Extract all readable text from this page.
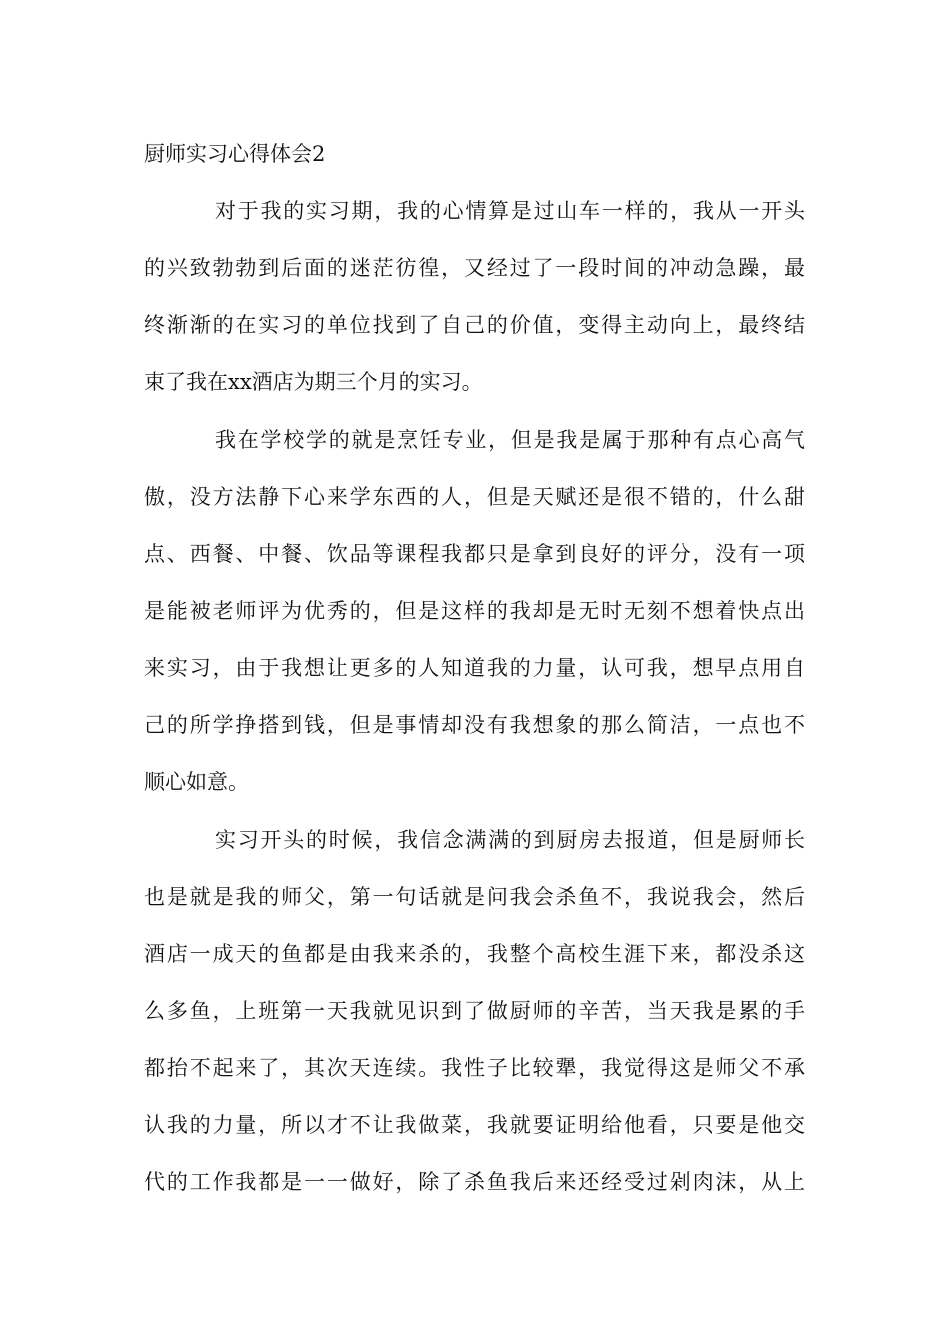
厨师实习心得体会2

对于我的实习期，我的心情算是过山车一样的，我从一开头

的兴致勃勃到后面的迷茫彷徨，又经过了一段时间的冲动急躁，最

终渐渐的在实习的单位找到了自己的价值，变得主动向上，最终结

束了我在xx酒店为期三个月的实习。

我在学校学的就是烹饪专业，但是我是属于那种有点心高气

傲，没方法静下心来学东西的人，但是天赋还是很不错的，什么甜

点、西餐、中餐、饮品等课程我都只是拿到良好的评分，没有一项

是能被老师评为优秀的，但是这样的我却是无时无刻不想着快点出

来实习，由于我想让更多的人知道我的力量，认可我，想早点用自

己的所学挣搭到钱，但是事情却没有我想象的那么简洁，一点也不

顺心如意。

实习开头的时候，我信念满满的到厨房去报道，但是厨师长

也是就是我的师父，第一句话就是问我会杀鱼不，我说我会，然后

酒店一成天的鱼都是由我来杀的，我整个高校生涯下来，都没杀这

么多鱼，上班第一天我就见识到了做厨师的辛苦，当天我是累的手

都抬不起来了，其次天连续。我性子比较犟，我觉得这是师父不承

认我的力量，所以才不让我做菜，我就要证明给他看，只要是他交

代的工作我都是一一做好，除了杀鱼我后来还经受过剁肉沫，从上
